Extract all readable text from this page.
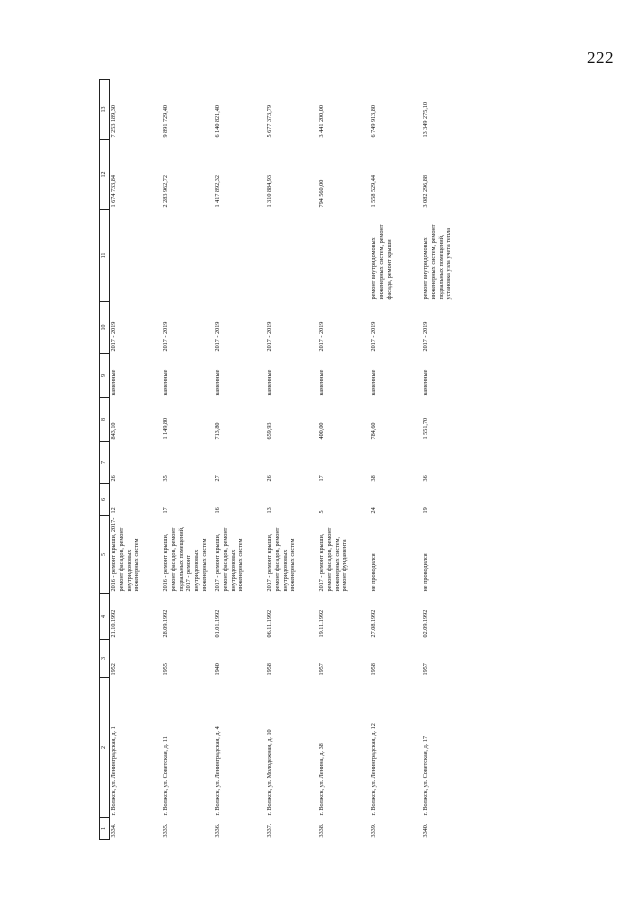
222
1	2	3	4	5	6	7	8	9	10	11	12	13
3334.	г. Волжск, ул. Ленинградская, д. 1	1952	21.10.1992	2016 - ремонт крыши, 2017- ремонт фасадов, ремонт внутридомовых инженерных систем	12	26	843,10	каменные	2017 - 2019		1 674 733,84	7 253 189,30
3335.	г. Волжск, ул. Советская, д. 11	1955	28.09.1992	2016 - ремонт крыши, ремонт фасадов, ремонт подвальных помещений, 2017 - ремонт внутридомовых инженерных систем	17	35	1 149,80	каменные	2017 - 2019		2 283 962,72	9 891 729,40
3336.	г. Волжск, ул. Ленинградская, д. 4	1940	01.01.1992	2017 - ремонт крыши, ремонт фасадов, ремонт внутридомовых инженерных систем	16	27	713,80	каменные	2017 - 2019		1 417 892,32	6 140 821,40
3337.	г. Волжск, ул. Молодежная, д. 10	1958	06.11.1992	2017 - ремонт крыши, ремонт фасадов, ремонт внутридомовых инженерных систем	13	26	659,93	каменные	2017 - 2019		1 310 884,93	5 677 373,79
3338.	г. Волжск, ул. Ленина, д. 38	1957	19.11.1992	2017 - ремонт крыши, ремонт фасадов, ремонт инженерных систем, ремонт фундамента	5	17	400,00	каменные	2017 - 2019		794 560,00	3 441 200,00
3339.	г. Волжск, ул. Ленинградская, д. 12	1958	27.08.1992	не проводился	24	38	784,60	каменные	2017 - 2019	ремонт внутридомовых инженерных систем, ремонт фасада, ремонт крыши	1 558 529,44	6 749 913,80
3340.	г. Волжск, ул. Советская, д. 17	1957	02.09.1992	не проводился	19	36	1 551,70	каменные	2017 - 2019	ремонт внутридомовых инженерных систем, ремонт подвальных помещений, установка узла учета тепла	3 082 296,88	13 349 275,10
